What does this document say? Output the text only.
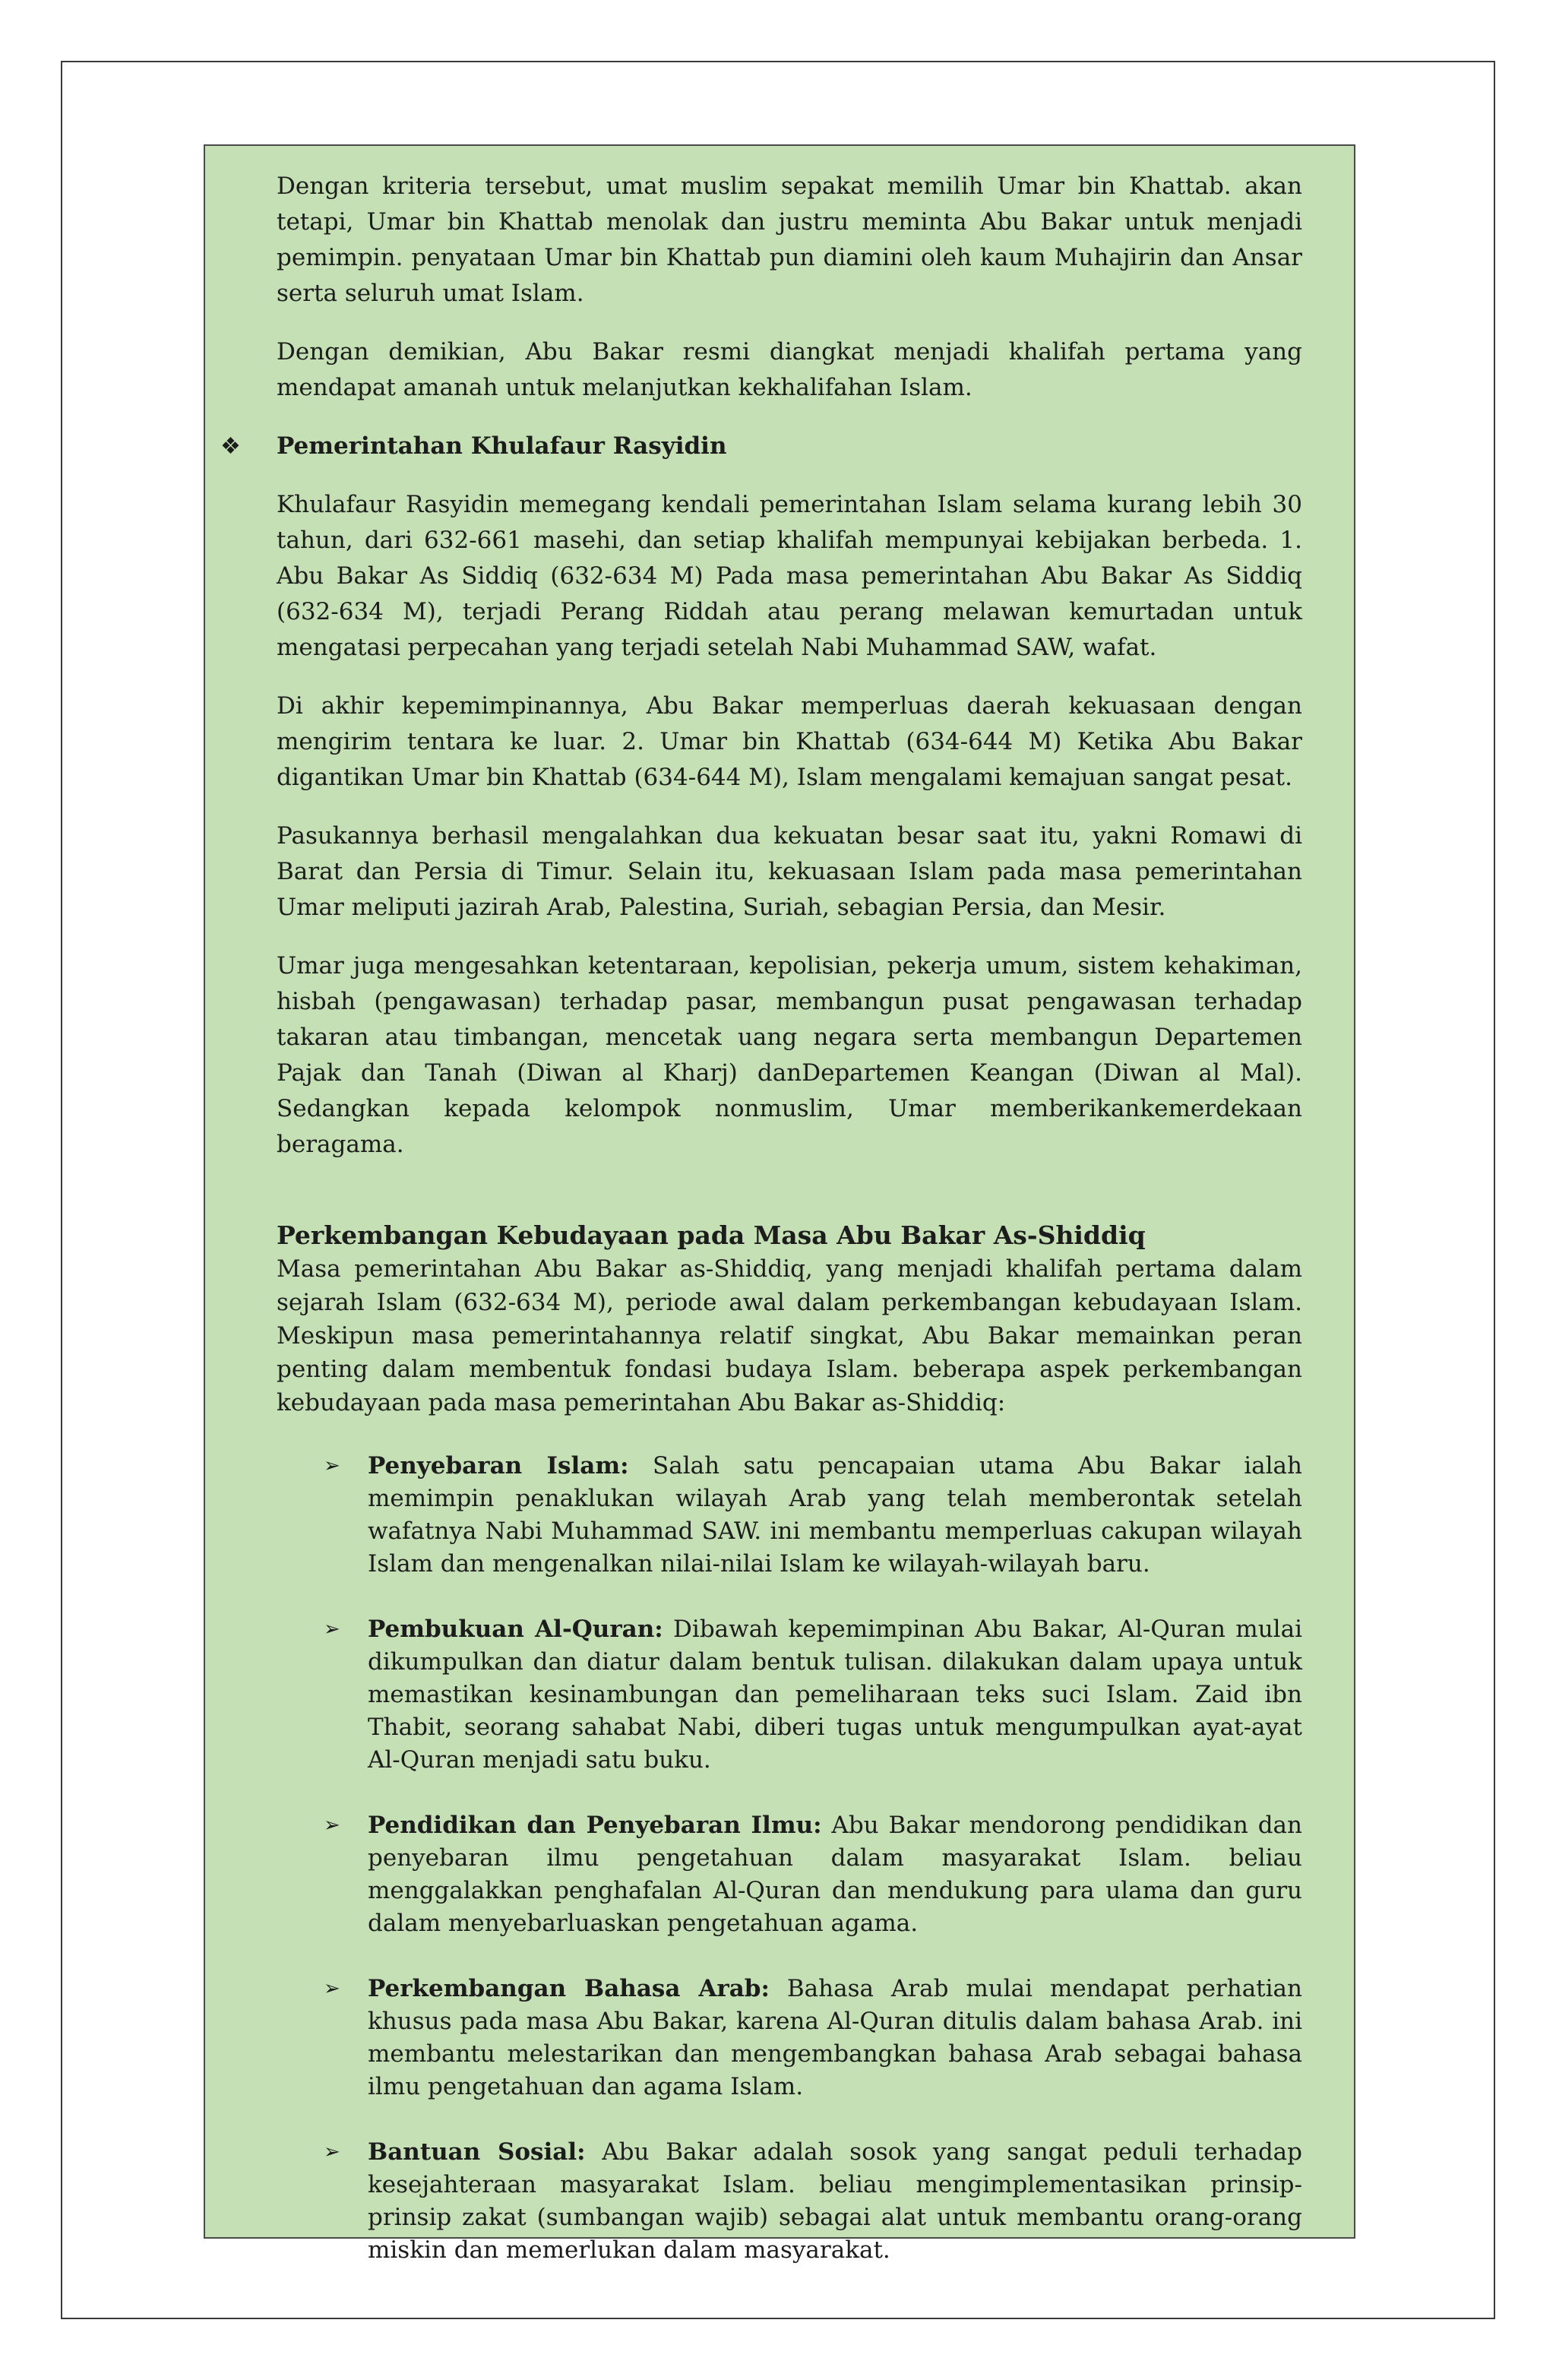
Dengan kriteria tersebut, umat muslim sepakat memilih Umar bin Khattab. akan tetapi, Umar bin Khattab menolak dan justru meminta Abu Bakar untuk menjadi pemimpin. penyataan Umar bin Khattab pun diamini oleh kaum Muhajirin dan Ansar serta seluruh umat Islam.

Dengan demikian, Abu Bakar resmi diangkat menjadi khalifah pertama yang mendapat amanah untuk melanjutkan kekhalifahan Islam.

❖ Pemerintahan Khulafaur Rasyidin

Khulafaur Rasyidin memegang kendali pemerintahan Islam selama kurang lebih 30 tahun, dari 632-661 masehi, dan setiap khalifah mempunyai kebijakan berbeda. 1. Abu Bakar As Siddiq (632-634 M) Pada masa pemerintahan Abu Bakar As Siddiq (632-634 M), terjadi Perang Riddah atau perang melawan kemurtadan untuk mengatasi perpecahan yang terjadi setelah Nabi Muhammad SAW, wafat.

Di akhir kepemimpinannya, Abu Bakar memperluas daerah kekuasaan dengan mengirim tentara ke luar. 2. Umar bin Khattab (634-644 M) Ketika Abu Bakar digantikan Umar bin Khattab (634-644 M), Islam mengalami kemajuan sangat pesat.

Pasukannya berhasil mengalahkan dua kekuatan besar saat itu, yakni Romawi di Barat dan Persia di Timur. Selain itu, kekuasaan Islam pada masa pemerintahan Umar meliputi jazirah Arab, Palestina, Suriah, sebagian Persia, dan Mesir.

Umar juga mengesahkan ketentaraan, kepolisian, pekerja umum, sistem kehakiman, hisbah (pengawasan) terhadap pasar, membangun pusat pengawasan terhadap takaran atau timbangan, mencetak uang negara serta membangun Departemen Pajak dan Tanah (Diwan al Kharj) danDepartemen Keangan (Diwan al Mal). Sedangkan kepada kelompok nonmuslim, Umar memberikankemerdekaan beragama.

Perkembangan Kebudayaan pada Masa Abu Bakar As-Shiddiq

Masa pemerintahan Abu Bakar as-Shiddiq, yang menjadi khalifah pertama dalam sejarah Islam (632-634 M), periode awal dalam perkembangan kebudayaan Islam. Meskipun masa pemerintahannya relatif singkat, Abu Bakar memainkan peran penting dalam membentuk fondasi budaya Islam. beberapa aspek perkembangan kebudayaan pada masa pemerintahan Abu Bakar as-Shiddiq:

➢ Penyebaran Islam: Salah satu pencapaian utama Abu Bakar ialah memimpin penaklukan wilayah Arab yang telah memberontak setelah wafatnya Nabi Muhammad SAW. ini membantu memperluas cakupan wilayah Islam dan mengenalkan nilai-nilai Islam ke wilayah-wilayah baru.
➢ Pembukuan Al-Quran: Dibawah kepemimpinan Abu Bakar, Al-Quran mulai dikumpulkan dan diatur dalam bentuk tulisan. dilakukan dalam upaya untuk memastikan kesinambungan dan pemeliharaan teks suci Islam. Zaid ibn Thabit, seorang sahabat Nabi, diberi tugas untuk mengumpulkan ayat-ayat Al-Quran menjadi satu buku.
➢ Pendidikan dan Penyebaran Ilmu: Abu Bakar mendorong pendidikan dan penyebaran ilmu pengetahuan dalam masyarakat Islam. beliau menggalakkan penghafalan Al-Quran dan mendukung para ulama dan guru dalam menyebarluaskan pengetahuan agama.
➢ Perkembangan Bahasa Arab: Bahasa Arab mulai mendapat perhatian khusus pada masa Abu Bakar, karena Al-Quran ditulis dalam bahasa Arab. ini membantu melestarikan dan mengembangkan bahasa Arab sebagai bahasa ilmu pengetahuan dan agama Islam.
➢ Bantuan Sosial: Abu Bakar adalah sosok yang sangat peduli terhadap kesejahteraan masyarakat Islam. beliau mengimplementasikan prinsip-prinsip zakat (sumbangan wajib) sebagai alat untuk membantu orang-orang miskin dan memerlukan dalam masyarakat.
